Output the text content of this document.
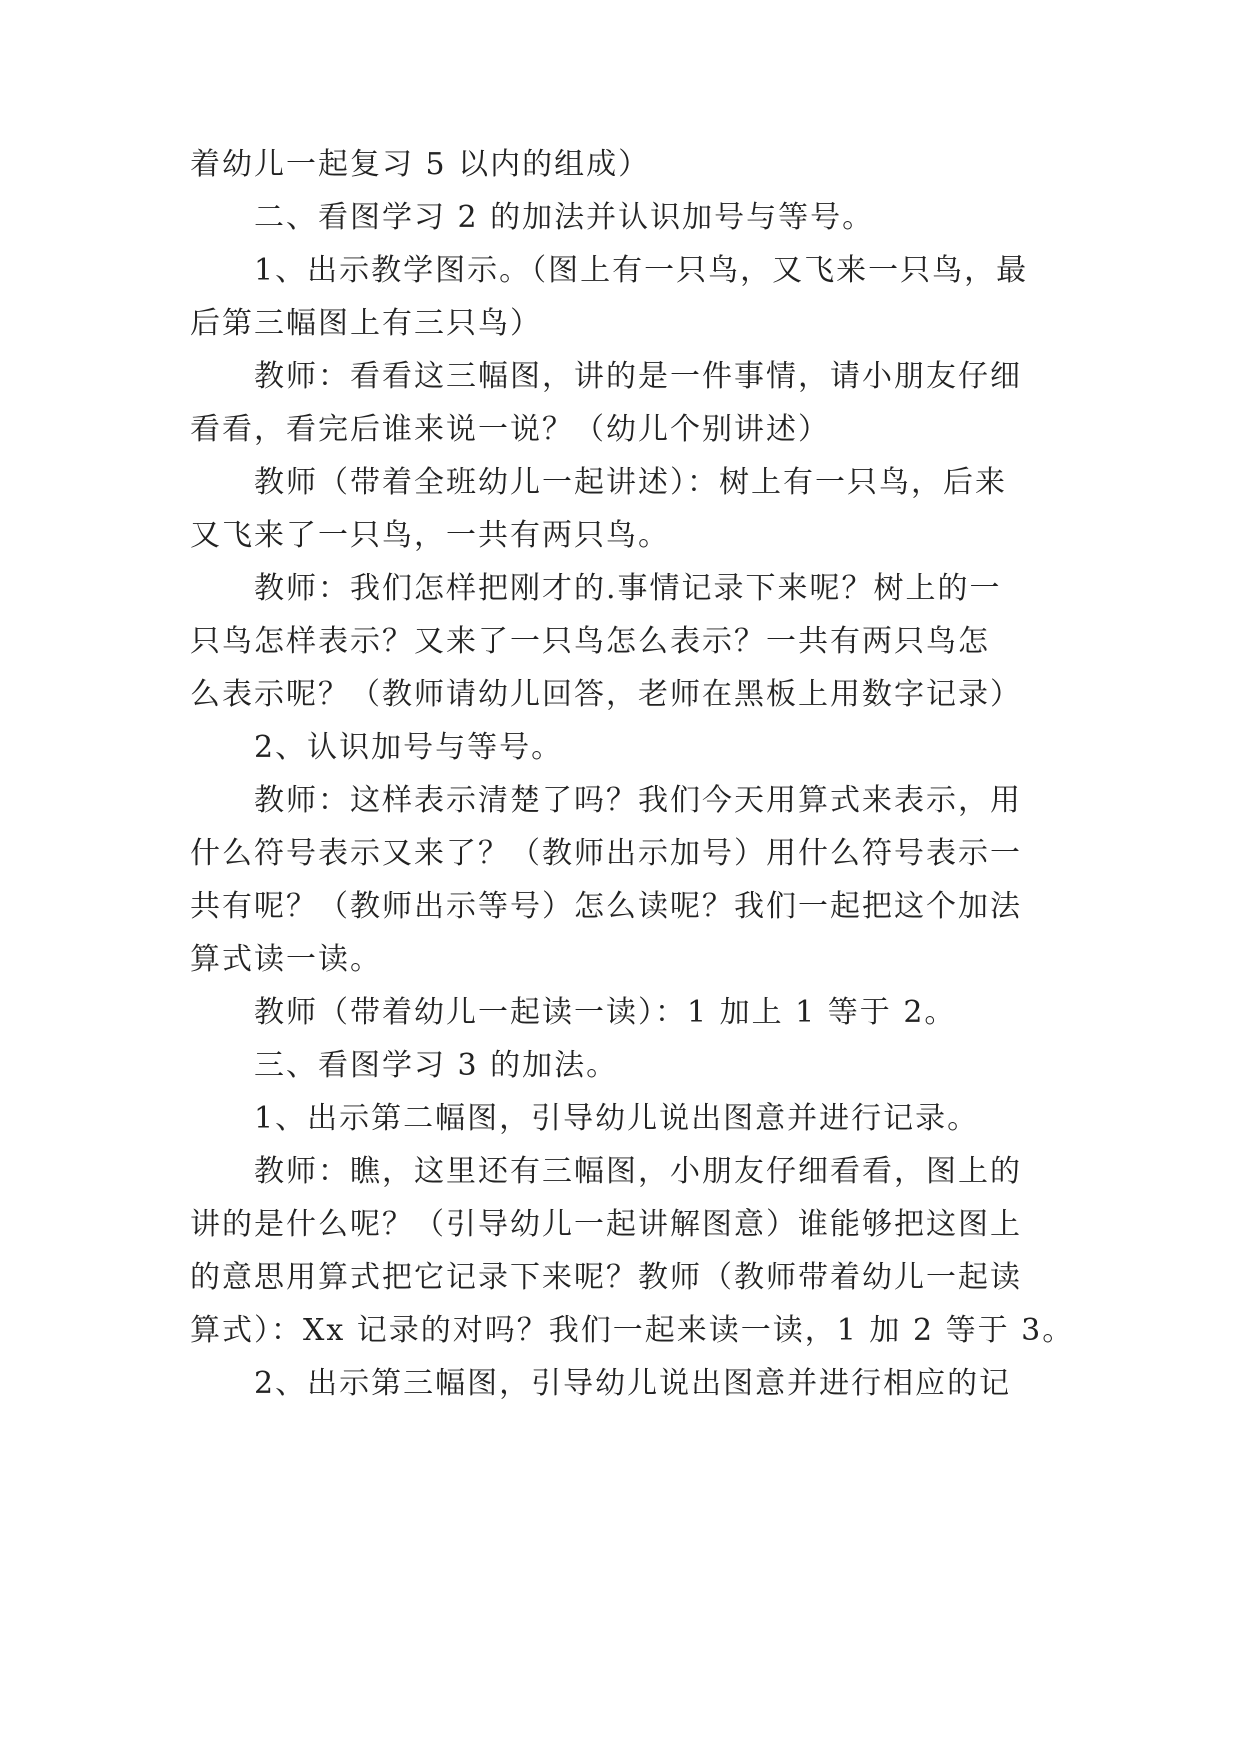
着幼儿一起复习 5 以内的组成）
二、看图学习 2 的加法并认识加号与等号。
1、出示教学图示。（图上有一只鸟，又飞来一只鸟，最
后第三幅图上有三只鸟）
教师：看看这三幅图，讲的是一件事情，请小朋友仔细
看看，看完后谁来说一说？（幼儿个别讲述）
教师（带着全班幼儿一起讲述）：树上有一只鸟，后来
又飞来了一只鸟，一共有两只鸟。
教师：我们怎样把刚才的.事情记录下来呢？树上的一
只鸟怎样表示？又来了一只鸟怎么表示？一共有两只鸟怎
么表示呢？（教师请幼儿回答，老师在黑板上用数字记录）
2、认识加号与等号。
教师：这样表示清楚了吗？我们今天用算式来表示，用
什么符号表示又来了？（教师出示加号）用什么符号表示一
共有呢？（教师出示等号）怎么读呢？我们一起把这个加法
算式读一读。
教师（带着幼儿一起读一读）：1 加上 1 等于 2。
三、看图学习 3 的加法。
1、出示第二幅图，引导幼儿说出图意并进行记录。
教师：瞧，这里还有三幅图，小朋友仔细看看，图上的
讲的是什么呢？（引导幼儿一起讲解图意）谁能够把这图上
的意思用算式把它记录下来呢？教师（教师带着幼儿一起读
算式）：Xx 记录的对吗？我们一起来读一读，1 加 2 等于 3。
2、出示第三幅图，引导幼儿说出图意并进行相应的记
